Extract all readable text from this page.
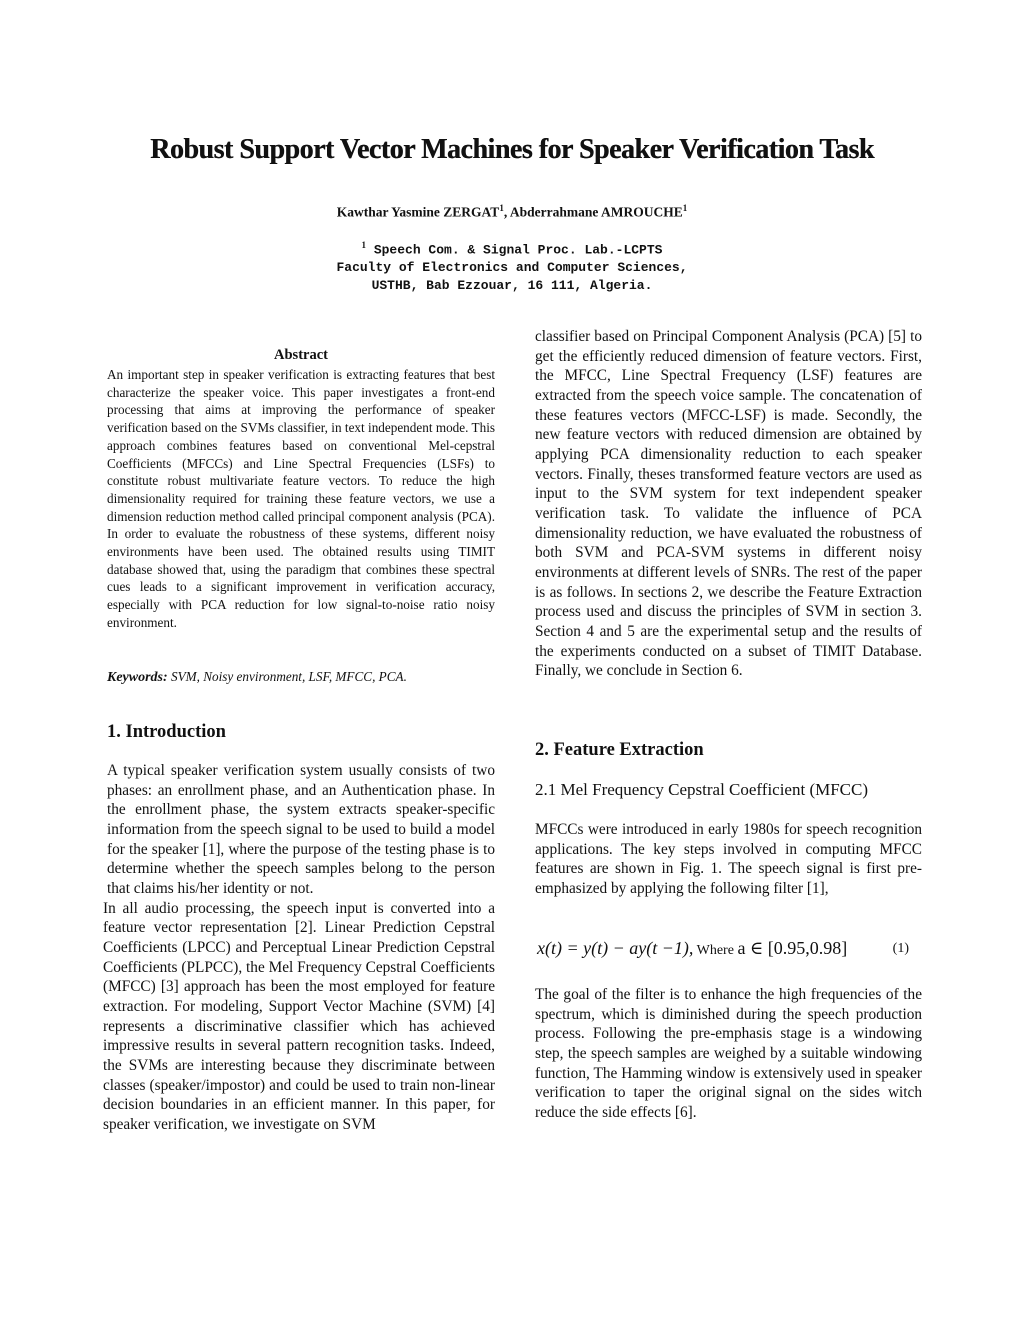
Robust Support Vector Machines for Speaker Verification Task
Kawthar Yasmine ZERGAT$^1$, Abderrahmane AMROUCHE$^1$
$^1$ Speech Com. & Signal Proc. Lab.-LCPTS
Faculty of Electronics and Computer Sciences,
USTHB, Bab Ezzouar, 16 111, Algeria.
Abstract
An important step in speaker verification is extracting features that best characterize the speaker voice. This paper investigates a front-end processing that aims at improving the performance of speaker verification based on the SVMs classifier, in text independent mode. This approach combines features based on conventional Mel-cepstral Coefficients (MFCCs) and Line Spectral Frequencies (LSFs) to constitute robust multivariate feature vectors. To reduce the high dimensionality required for training these feature vectors, we use a dimension reduction method called principal component analysis (PCA). In order to evaluate the robustness of these systems, different noisy environments have been used. The obtained results using TIMIT database showed that, using the paradigm that combines these spectral cues leads to a significant improvement in verification accuracy, especially with PCA reduction for low signal-to-noise ratio noisy environment.
Keywords: SVM, Noisy environment, LSF, MFCC, PCA.
1. Introduction

A typical speaker verification system usually consists of two phases: an enrollment phase, and an Authentication phase. In the enrollment phase, the system extracts speaker-specific information from the speech signal to be used to build a model for the speaker [1], where the purpose of the testing phase is to determine whether the speech samples belong to the person that claims his/her identity or not.

In all audio processing, the speech input is converted into a feature vector representation [2]. Linear Prediction Cepstral Coefficients (LPCC) and Perceptual Linear Prediction Cepstral Coefficients (PLPCC), the Mel Frequency Cepstral Coefficients (MFCC) [3] approach has been the most employed for feature extraction. For modeling, Support Vector Machine (SVM) [4] represents a discriminative classifier which has achieved impressive results in several pattern recognition tasks. Indeed, the SVMs are interesting because they discriminate between classes (speaker/impostor) and could be used to train non-linear decision boundaries in an efficient manner. In this paper, for speaker verification, we investigate on SVM

classifier based on Principal Component Analysis (PCA) [5] to get the efficiently reduced dimension of feature vectors. First, the MFCC, Line Spectral Frequency (LSF) features are extracted from the speech voice sample. The concatenation of these features vectors (MFCC-LSF) is made. Secondly, the new feature vectors with reduced dimension are obtained by applying PCA dimensionality reduction to each speaker vectors. Finally, theses transformed feature vectors are used as input to the SVM system for text independent speaker verification task. To validate the influence of PCA dimensionality reduction, we have evaluated the robustness of both SVM and PCA-SVM systems in different noisy environments at different levels of SNRs. The rest of the paper is as follows. In sections 2, we describe the Feature Extraction process used and discuss the principles of SVM in section 3. Section 4 and 5 are the experimental setup and the results of the experiments conducted on a subset of TIMIT Database. Finally, we conclude in Section 6.

2. Feature Extraction
2.1 Mel Frequency Cepstral Coefficient (MFCC)

MFCCs were introduced in early 1980s for speech recognition applications. The key steps involved in computing MFCC features are shown in Fig. 1. The speech signal is first pre-emphasized by applying the following filter [1],

x(t) = y(t) − ay(t −1), Where a ∈ [0.95,0.98]	(1)

The goal of the filter is to enhance the high frequencies of the spectrum, which is diminished during the speech production process. Following the pre-emphasis stage is a windowing step, the speech samples are weighed by a suitable windowing function, The Hamming window is extensively used in speaker verification to taper the original signal on the sides witch reduce the side effects [6].
